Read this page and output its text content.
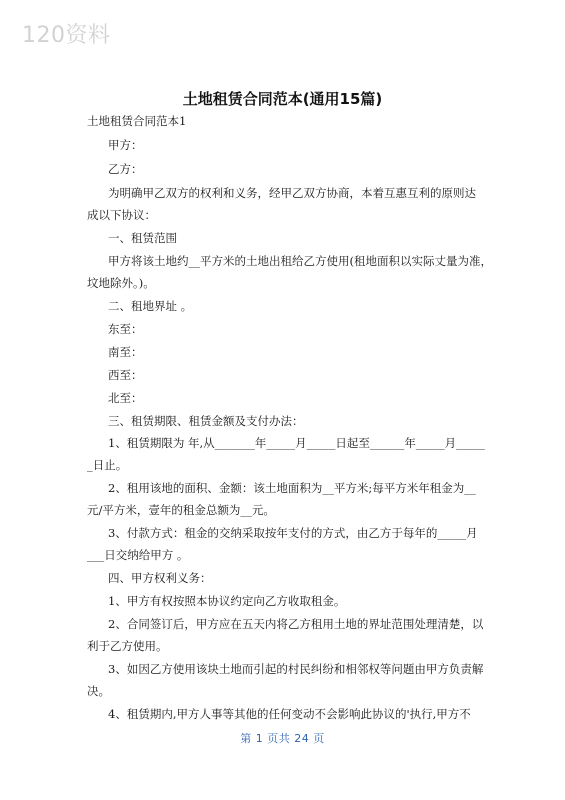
120资料
土地租赁合同范本(通用15篇)
土地租赁合同范本1
甲方：
乙方：
为明确甲乙双方的权利和义务，经甲乙双方协商，本着互惠互利的原则达
成以下协议：
一、租赁范围
甲方将该土地约__平方米的土地出租给乙方使用(租地面积以实际丈量为准，
坟地除外。)。
二、租地界址 。
东至：
南至：
西至：
北至：
三、租赁期限、租赁金额及支付办法：
1、租赁期限为 年,从_______年_____月_____日起至______年_____月_____
_日止。
2、租用该地的面积、金额：该土地面积为__平方米;每平方米年租金为__
元/平方米，壹年的租金总额为__元。
3、付款方式：租金的交纳采取按年支付的方式，由乙方于每年的_____月
___日交纳给甲方 。
四、甲方权利义务：
1、甲方有权按照本协议约定向乙方收取租金。
2、合同签订后，甲方应在五天内将乙方租用土地的界址范围处理清楚，以
利于乙方使用。
3、如因乙方使用该块土地而引起的村民纠纷和相邻权等问题由甲方负责解
决。
4、租赁期内,甲方人事等其他的任何变动不会影响此协议的'执行,甲方不
第 1 页共 24 页
